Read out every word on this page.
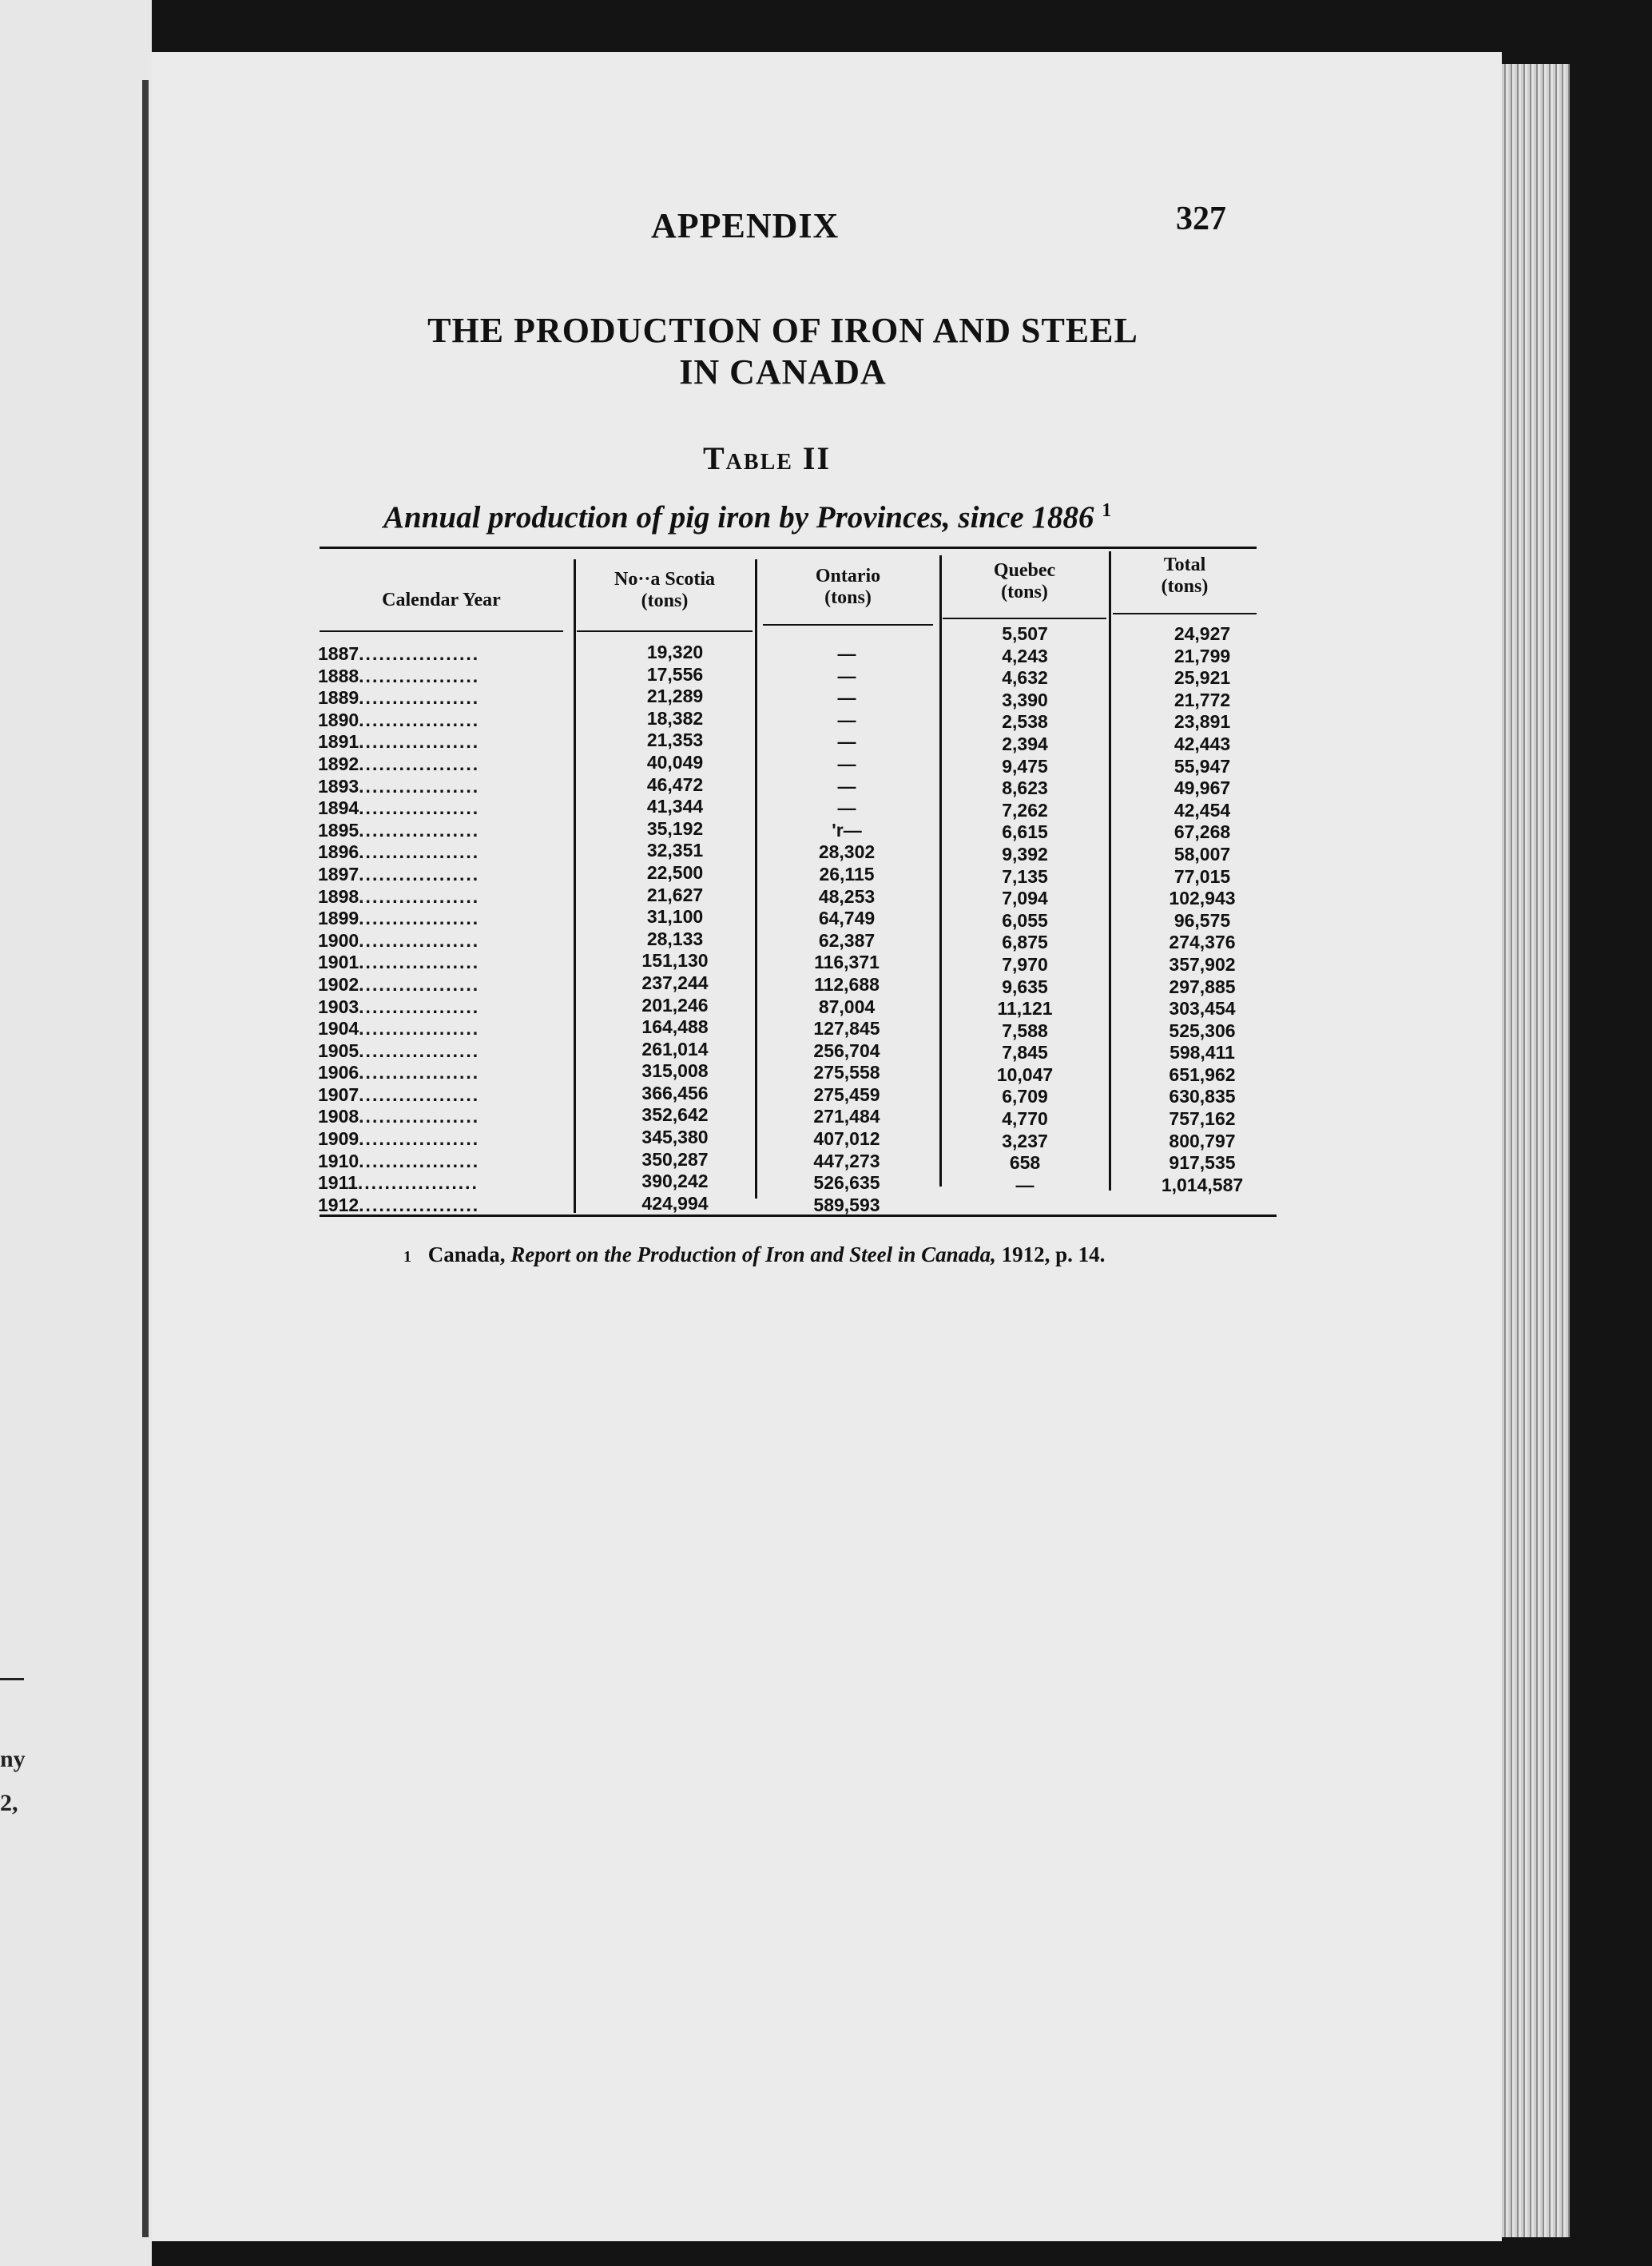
ny
2,
APPENDIX	327
THE PRODUCTION OF IRON AND STEEL
IN CANADA
Table II
Annual production of pig iron by Provinces, since 1886 $^1$
Calendar Year
No··a Scotia
(tons)
Ontario
(tons)
Quebec
(tons)
Total
(tons)
1887..................
1888..................
1889..................
1890..................
1891..................
1892..................
1893..................
1894..................
1895..................
1896..................
1897..................
1898..................
1899..................
1900..................
1901..................
1902..................
1903..................
1904..................
1905..................
1906..................
1907..................
1908..................
1909..................
1910..................
1911..................
1912..................
19,320
17,556
21,289
18,382
21,353
40,049
46,472
41,344
35,192
32,351
22,500
21,627
31,100
28,133
151,130
237,244
201,246
164,488
261,014
315,008
366,456
352,642
345,380
350,287
390,242
424,994
—
—
—
—
—
—
—
—
'r—
28,302
26,115
48,253
64,749
62,387
116,371
112,688
87,004
127,845
256,704
275,558
275,459
271,484
407,012
447,273
526,635
589,593
5,507
4,243
4,632
3,390
2,538
2,394
9,475
8,623
7,262
6,615
9,392
7,135
7,094
6,055
6,875
7,970
9,635
11,121
7,588
7,845
10,047
6,709
4,770
3,237
658
—
24,927
21,799
25,921
21,772
23,891
42,443
55,947
49,967
42,454
67,268
58,007
77,015
102,943
96,575
274,376
357,902
297,885
303,454
525,306
598,411
651,962
630,835
757,162
800,797
917,535
1,014,587
1 Canada, Report on the Production of Iron and Steel in Canada, 1912, p. 14.
